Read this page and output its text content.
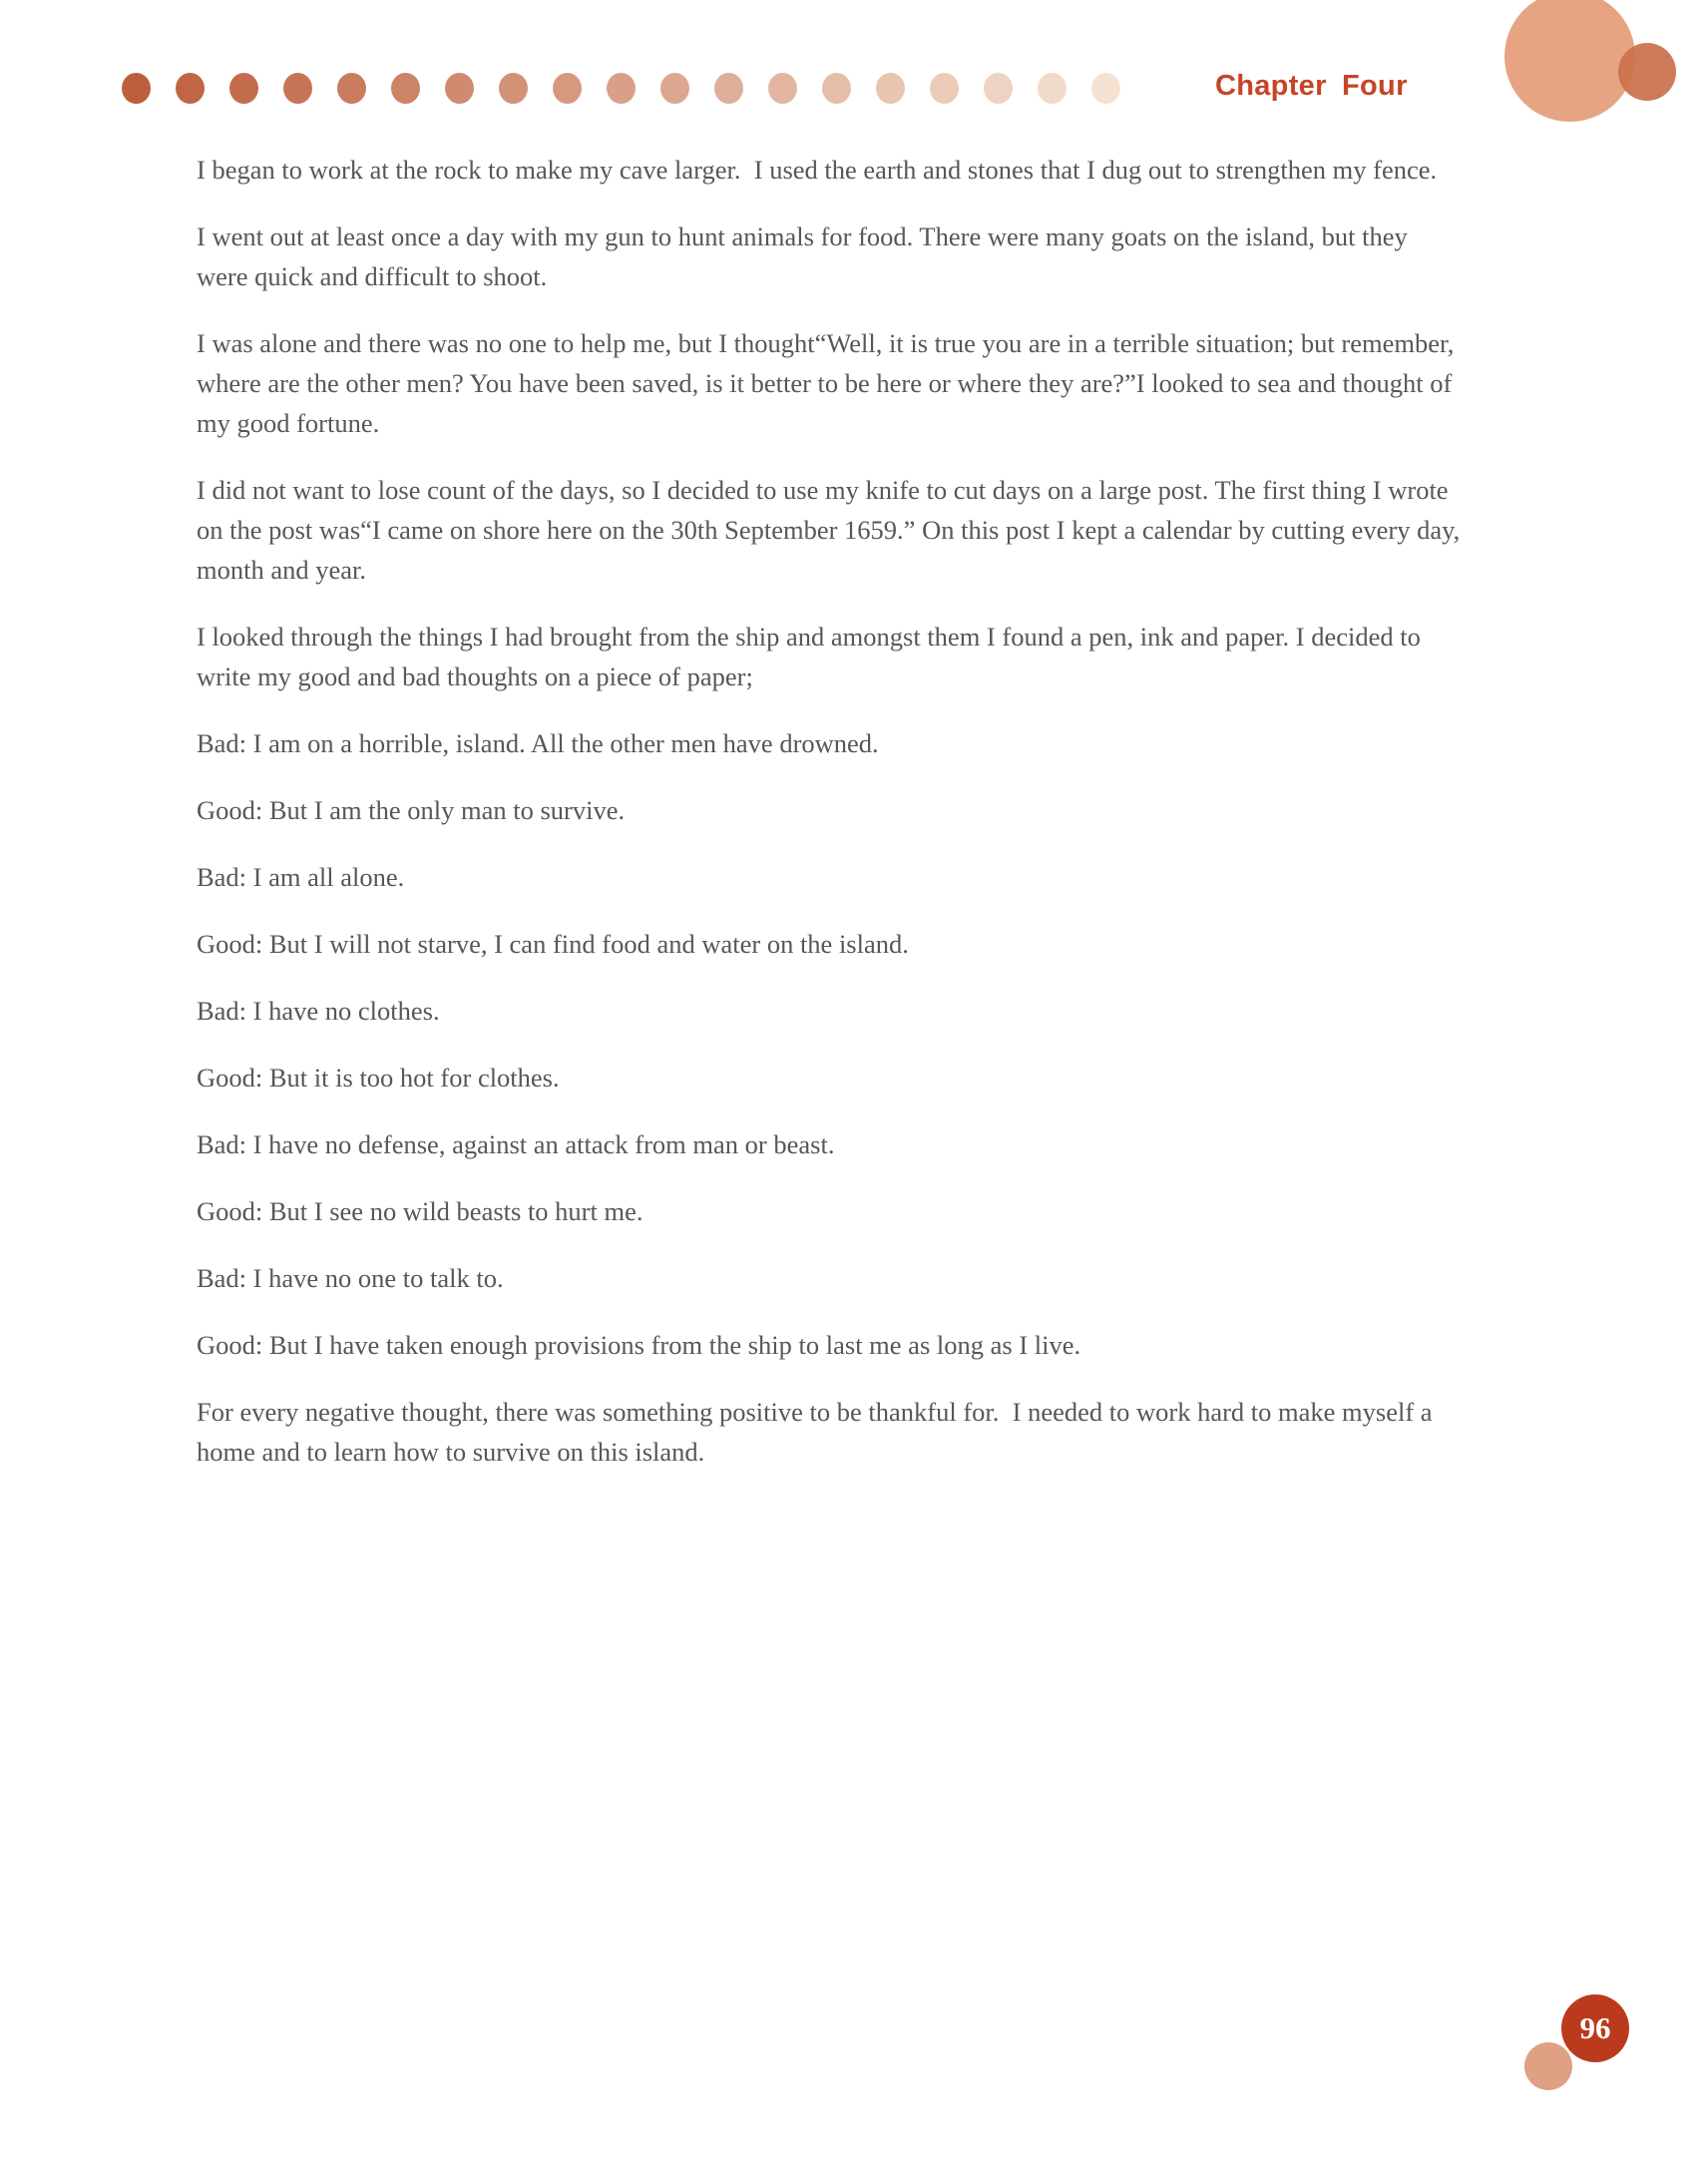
Chapter Four

I began to work at the rock to make my cave larger.  I used the earth and stones that I dug out to strengthen my fence.

I went out at least once a day with my gun to hunt animals for food. There were many goats on the island, but they were quick and difficult to shoot.

I was alone and there was no one to help me, but I thought“Well, it is true you are in a terrible situation; but remember, where are the other men? You have been saved, is it better to be here or where they are?”I looked to sea and thought of my good fortune.

I did not want to lose count of the days, so I decided to use my knife to cut days on a large post. The first thing I wrote on the post was“I came on shore here on the 30th September 1659.” On this post I kept a calendar by cutting every day, month and year.

I looked through the things I had brought from the ship and amongst them I found a pen, ink and paper. I decided to write my good and bad thoughts on a piece of paper;

Bad: I am on a horrible, island. All the other men have drowned.

Good: But I am the only man to survive.

Bad: I am all alone.

Good: But I will not starve, I can find food and water on the island.

Bad: I have no clothes.

Good: But it is too hot for clothes.

Bad: I have no defense, against an attack from man or beast.

Good: But I see no wild beasts to hurt me.

Bad: I have no one to talk to.

Good: But I have taken enough provisions from the ship to last me as long as I live.

For every negative thought, there was something positive to be thankful for.  I needed to work hard to make myself a home and to learn how to survive on this island.

96
